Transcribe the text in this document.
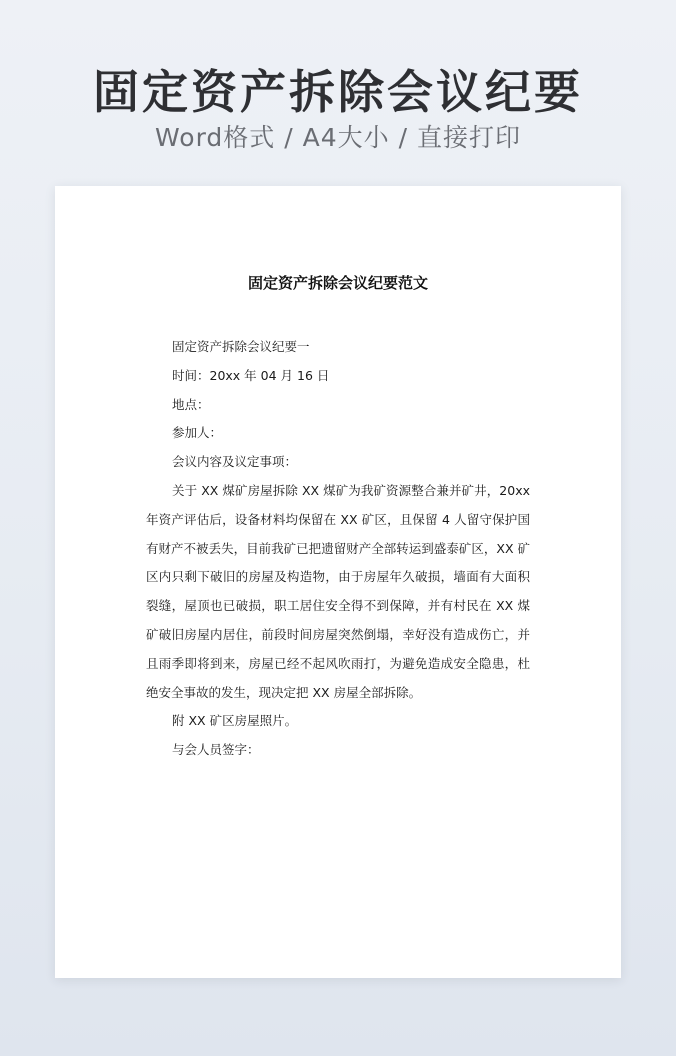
固定资产拆除会议纪要
Word格式 / A4大小 / 直接打印
固定资产拆除会议纪要范文

固定资产拆除会议纪要一

时间：20xx 年 04 月 16 日

地点：

参加人：

会议内容及议定事项：

关于 XX 煤矿房屋拆除 XX 煤矿为我矿资源整合兼并矿井，20xx 年资产评估后，设备材料均保留在 XX 矿区，且保留 4 人留守保护国有财产不被丢失，目前我矿已把遗留财产全部转运到盛泰矿区，XX 矿区内只剩下破旧的房屋及构造物，由于房屋年久破损，墙面有大面积裂缝，屋顶也已破损，职工居住安全得不到保障，并有村民在 XX 煤矿破旧房屋内居住，前段时间房屋突然倒塌，幸好没有造成伤亡，并且雨季即将到来，房屋已经不起风吹雨打，为避免造成安全隐患，杜绝安全事故的发生，现决定把 XX 房屋全部拆除。

附 XX 矿区房屋照片。

与会人员签字：
